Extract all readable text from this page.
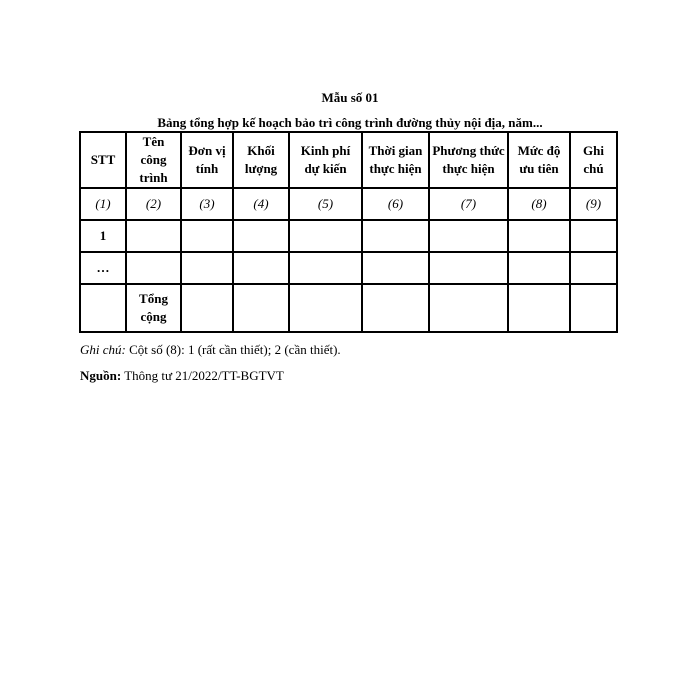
Mẫu số 01
Bảng tổng hợp kế hoạch bảo trì công trình đường thủy nội địa, năm...
STT	Tên công trình	Đơn vị tính	Khối lượng	Kinh phí dự kiến	Thời gian thực hiện	Phương thức thực hiện	Mức độ ưu tiên	Ghi chú
(1)	(2)	(3)	(4)	(5)	(6)	(7)	(8)	(9)
1								
…								
	Tổng cộng							
Ghi chú: Cột số (8): 1 (rất cần thiết); 2 (cần thiết).
Nguồn: Thông tư 21/2022/TT-BGTVT
